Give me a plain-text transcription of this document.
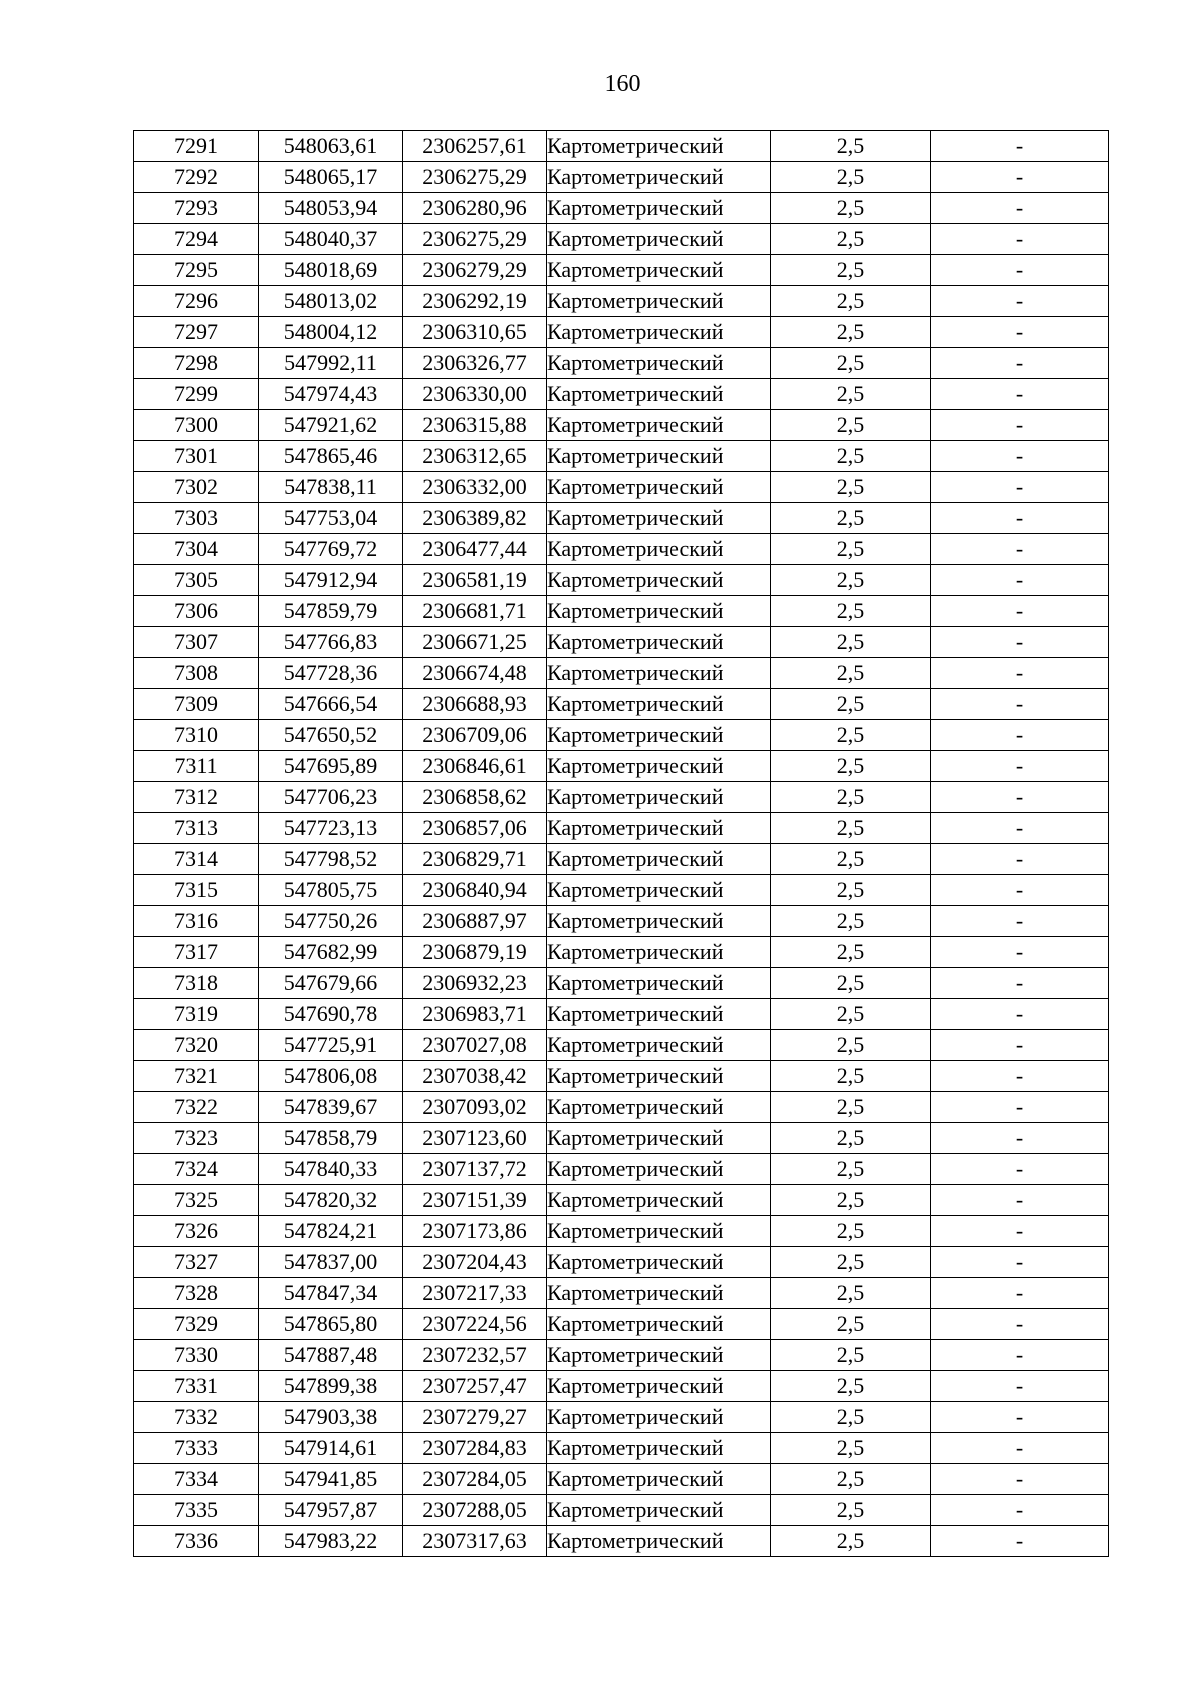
160
7291	548063,61	2306257,61	Картометрический	2,5	-
7292	548065,17	2306275,29	Картометрический	2,5	-
7293	548053,94	2306280,96	Картометрический	2,5	-
7294	548040,37	2306275,29	Картометрический	2,5	-
7295	548018,69	2306279,29	Картометрический	2,5	-
7296	548013,02	2306292,19	Картометрический	2,5	-
7297	548004,12	2306310,65	Картометрический	2,5	-
7298	547992,11	2306326,77	Картометрический	2,5	-
7299	547974,43	2306330,00	Картометрический	2,5	-
7300	547921,62	2306315,88	Картометрический	2,5	-
7301	547865,46	2306312,65	Картометрический	2,5	-
7302	547838,11	2306332,00	Картометрический	2,5	-
7303	547753,04	2306389,82	Картометрический	2,5	-
7304	547769,72	2306477,44	Картометрический	2,5	-
7305	547912,94	2306581,19	Картометрический	2,5	-
7306	547859,79	2306681,71	Картометрический	2,5	-
7307	547766,83	2306671,25	Картометрический	2,5	-
7308	547728,36	2306674,48	Картометрический	2,5	-
7309	547666,54	2306688,93	Картометрический	2,5	-
7310	547650,52	2306709,06	Картометрический	2,5	-
7311	547695,89	2306846,61	Картометрический	2,5	-
7312	547706,23	2306858,62	Картометрический	2,5	-
7313	547723,13	2306857,06	Картометрический	2,5	-
7314	547798,52	2306829,71	Картометрический	2,5	-
7315	547805,75	2306840,94	Картометрический	2,5	-
7316	547750,26	2306887,97	Картометрический	2,5	-
7317	547682,99	2306879,19	Картометрический	2,5	-
7318	547679,66	2306932,23	Картометрический	2,5	-
7319	547690,78	2306983,71	Картометрический	2,5	-
7320	547725,91	2307027,08	Картометрический	2,5	-
7321	547806,08	2307038,42	Картометрический	2,5	-
7322	547839,67	2307093,02	Картометрический	2,5	-
7323	547858,79	2307123,60	Картометрический	2,5	-
7324	547840,33	2307137,72	Картометрический	2,5	-
7325	547820,32	2307151,39	Картометрический	2,5	-
7326	547824,21	2307173,86	Картометрический	2,5	-
7327	547837,00	2307204,43	Картометрический	2,5	-
7328	547847,34	2307217,33	Картометрический	2,5	-
7329	547865,80	2307224,56	Картометрический	2,5	-
7330	547887,48	2307232,57	Картометрический	2,5	-
7331	547899,38	2307257,47	Картометрический	2,5	-
7332	547903,38	2307279,27	Картометрический	2,5	-
7333	547914,61	2307284,83	Картометрический	2,5	-
7334	547941,85	2307284,05	Картометрический	2,5	-
7335	547957,87	2307288,05	Картометрический	2,5	-
7336	547983,22	2307317,63	Картометрический	2,5	-
